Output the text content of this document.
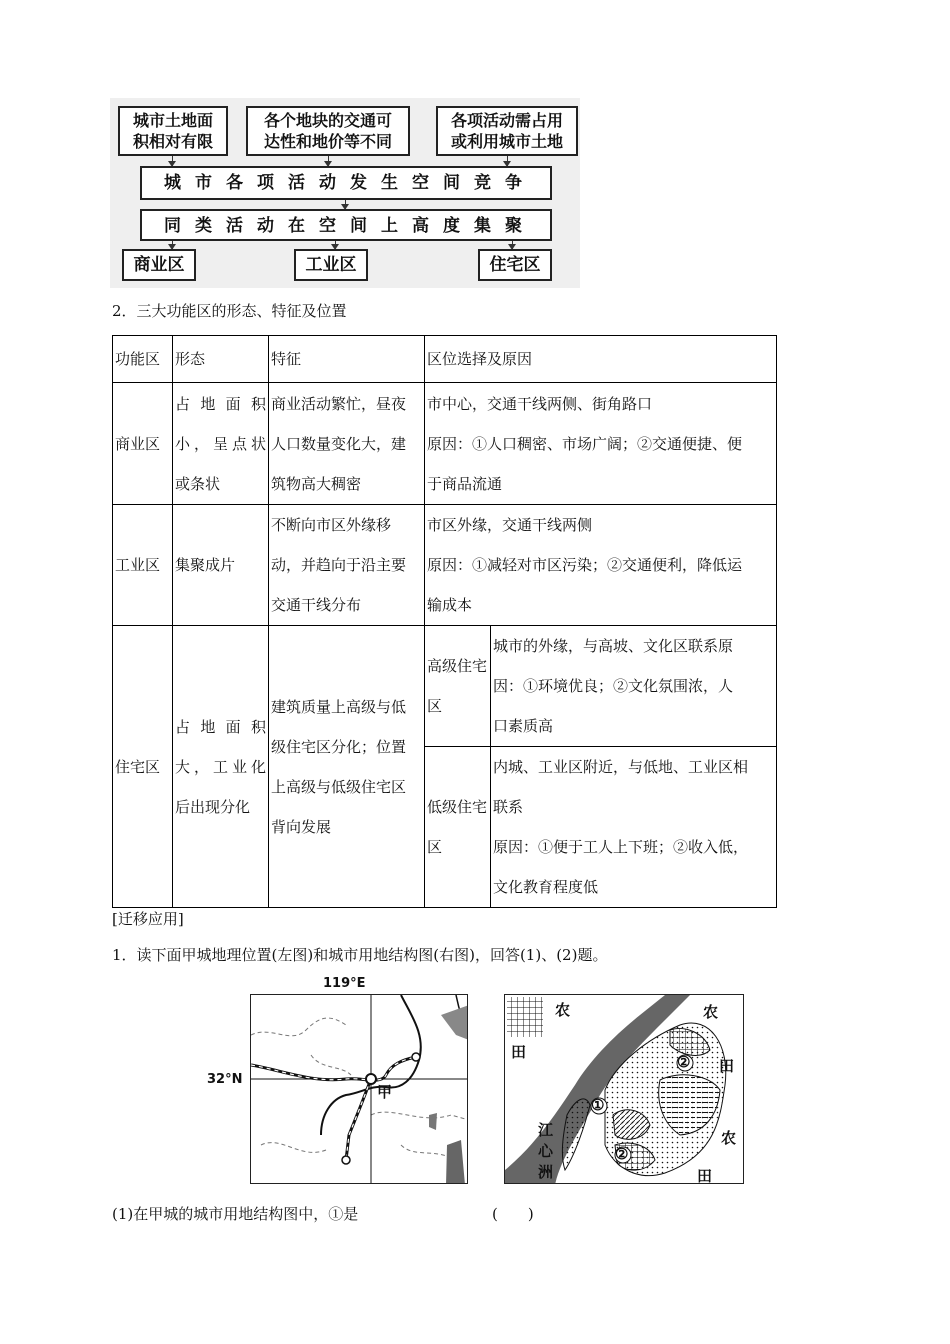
城市土地面
积相对有限
各个地块的交通可
达性和地价等不同
各项活动需占用
或利用城市土地
城市各项活动发生空间竞争
同类活动在空间上高度集聚
商业区	工业区	住宅区
2．三大功能区的形态、特征及位置
功能区	形态	特征	区位选择及原因	
商业区	占 地 面 积
小，呈点状
或条状	商业活动繁忙，昼夜
人口数量变化大，建
筑物高大稠密	市中心，交通干线两侧、街角路口
原因：①人口稠密、市场广阔；②交通便捷、便
于商品流通	

工业区	集聚成片	不断向市区外缘移
动，并趋向于沿主要
交通干线分布	市区外缘，交通干线两侧
原因：①减轻对市区污染；②交通便利，降低运
输成本	

住宅区	占 地 面 积
大，工业化
后出现分化	建筑质量上高级与低
级住宅区分化；位置
上高级与低级住宅区
背向发展	高级住宅
区	城市的外缘，与高坡、文化区联系原
因：①环境优良；②文化氛围浓，人
口素质高

			低级住宅
区	内城、工业区附近，与低地、工业区相
联系
原因：①便于工人上下班；②收入低，
文化教育程度低
[迁移应用]
1．读下面甲城地理位置(左图)和城市用地结构图(右图)，回答(1)、(2)题。
119°E
32°N
甲
农
田
农
田
农
田
江
心
洲
①
②
②
(1)在甲城的城市用地结构图中，①是	(　　)
